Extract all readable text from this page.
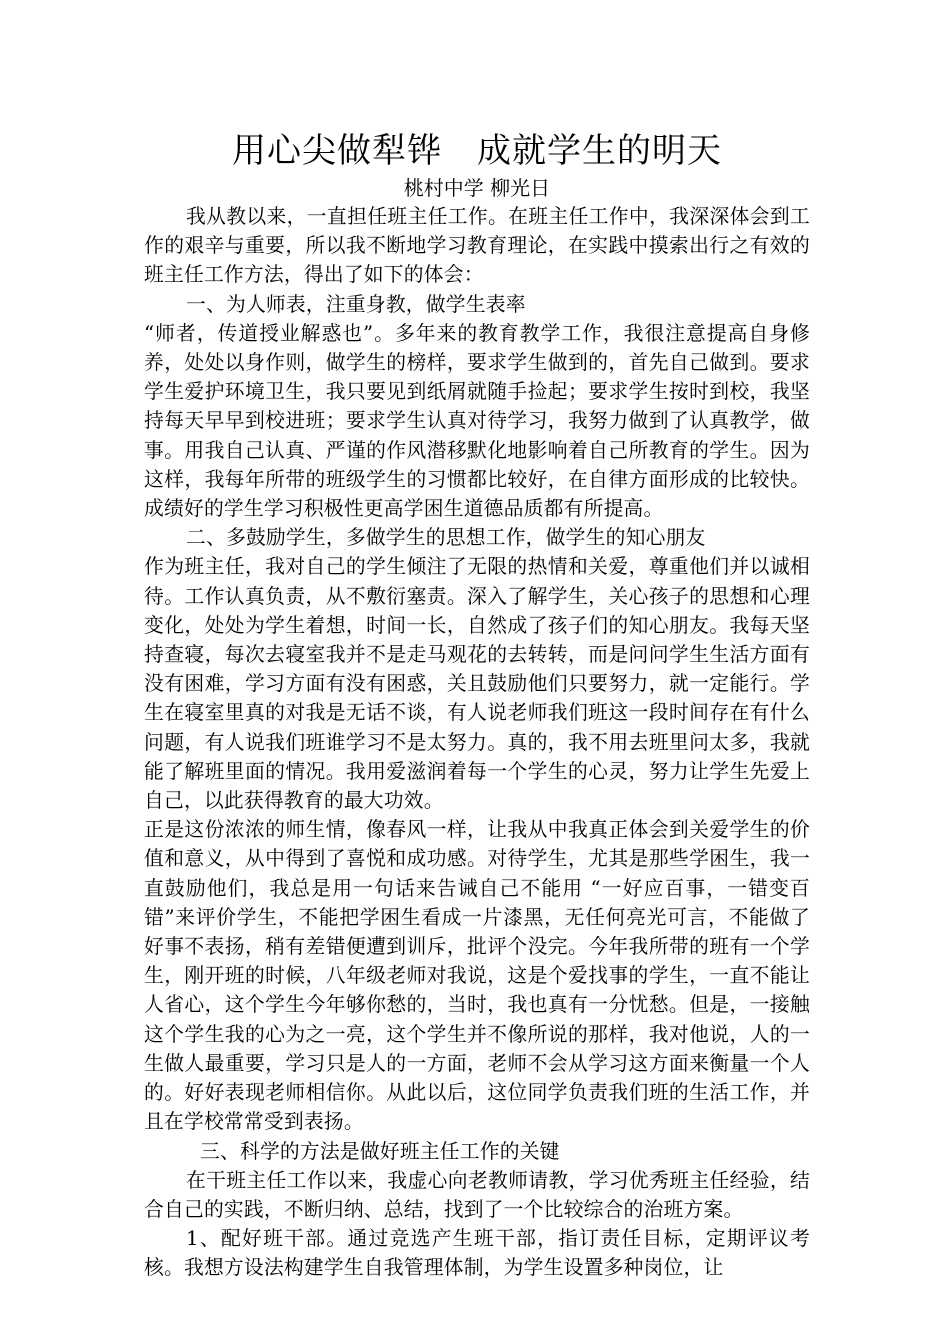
用心尖做犁铧　成就学生的明天

桃村中学 柳光日

我从教以来，一直担任班主任工作。在班主任工作中，我深深体会到工作的艰辛与重要，所以我不断地学习教育理论，在实践中摸索出行之有效的班主任工作方法，得出了如下的体会：

一、为人师表，注重身教，做学生表率

“师者，传道授业解惑也”。多年来的教育教学工作，我很注意提高自身修养，处处以身作则，做学生的榜样，要求学生做到的，首先自己做到。要求学生爱护环境卫生，我只要见到纸屑就随手捡起；要求学生按时到校，我坚持每天早早到校进班；要求学生认真对待学习，我努力做到了认真教学，做事。用我自己认真、严谨的作风潜移默化地影响着自己所教育的学生。因为这样，我每年所带的班级学生的习惯都比较好，在自律方面形成的比较快。成绩好的学生学习积极性更高学困生道德品质都有所提高。

二、多鼓励学生，多做学生的思想工作，做学生的知心朋友

作为班主任，我对自己的学生倾注了无限的热情和关爱，尊重他们并以诚相待。工作认真负责，从不敷衍塞责。深入了解学生，关心孩子的思想和心理变化，处处为学生着想，时间一长，自然成了孩子们的知心朋友。我每天坚持查寝，每次去寝室我并不是走马观花的去转转，而是问问学生生活方面有没有困难，学习方面有没有困惑，关且鼓励他们只要努力，就一定能行。学生在寝室里真的对我是无话不谈，有人说老师我们班这一段时间存在有什么问题，有人说我们班谁学习不是太努力。真的，我不用去班里问太多，我就能了解班里面的情况。我用爱滋润着每一个学生的心灵，努力让学生先爱上自己，以此获得教育的最大功效。

正是这份浓浓的师生情，像春风一样，让我从中我真正体会到关爱学生的价值和意义，从中得到了喜悦和成功感。对待学生，尤其是那些学困生，我一直鼓励他们，我总是用一句话来告诫自己不能用 “一好应百事，一错变百错”来评价学生，不能把学困生看成一片漆黑，无任何亮光可言，不能做了好事不表扬，稍有差错便遭到训斥，批评个没完。今年我所带的班有一个学生，刚开班的时候，八年级老师对我说，这是个爱找事的学生，一直不能让人省心，这个学生今年够你愁的，当时，我也真有一分忧愁。但是，一接触这个学生我的心为之一亮，这个学生并不像所说的那样，我对他说，人的一生做人最重要，学习只是人的一方面，老师不会从学习这方面来衡量一个人的。好好表现老师相信你。从此以后，这位同学负责我们班的生活工作，并且在学校常常受到表扬。

三、科学的方法是做好班主任工作的关键

在干班主任工作以来，我虚心向老教师请教，学习优秀班主任经验，结合自己的实践，不断归纳、总结，找到了一个比较综合的治班方案。

1、配好班干部。通过竞选产生班干部，指订责任目标，定期评议考核。我想方设法构建学生自我管理体制，为学生设置多种岗位，让
